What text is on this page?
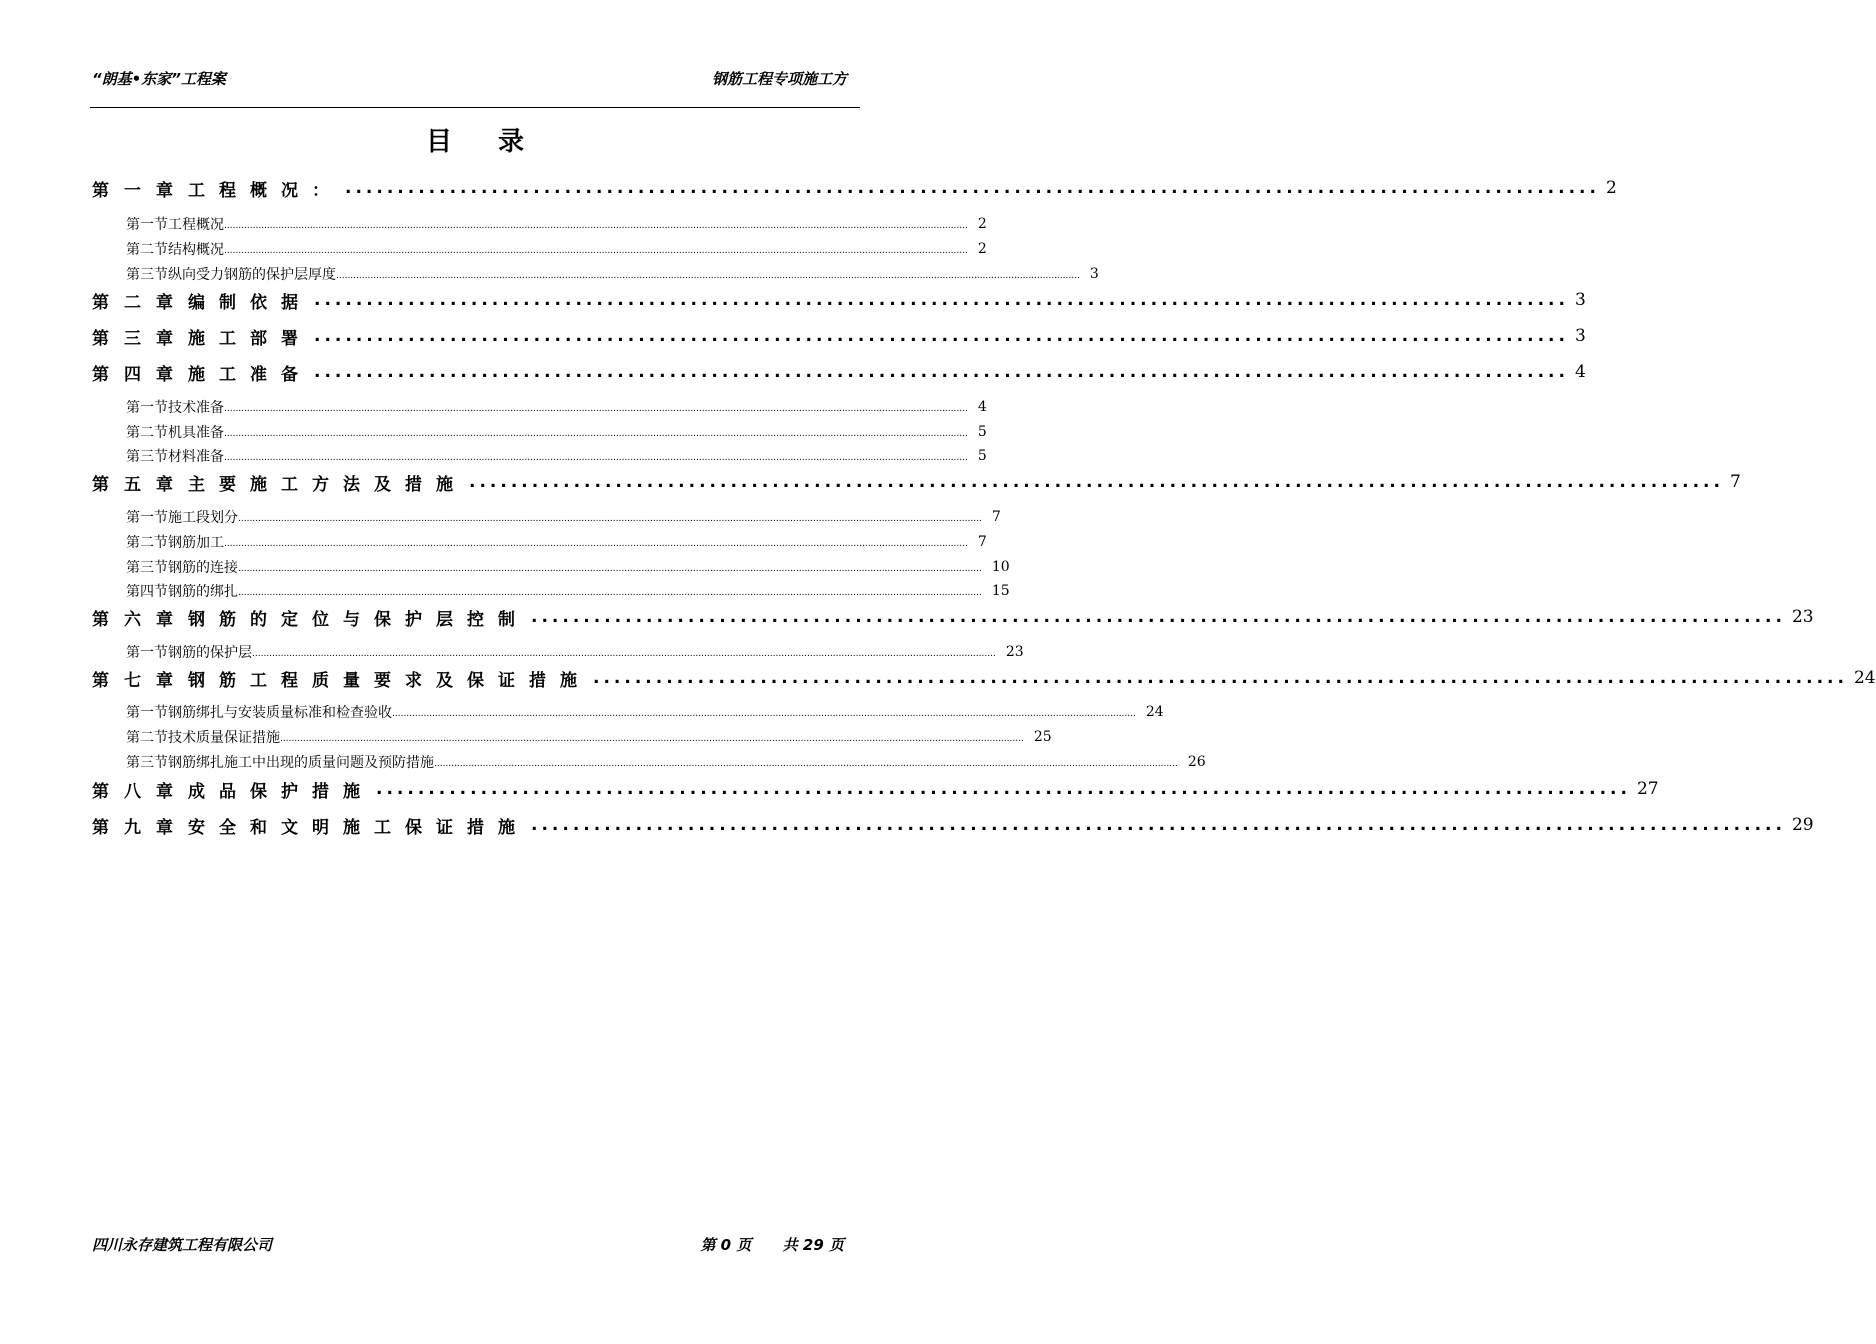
“朗基•东家”工程案	钢筋工程专项施工方
目录
第一章 工程概况： ........................................................................................................................ 2
第一节 工程概况 .................................................................................................................................................................................................................................................................... 2
第二节 结构概况 .................................................................................................................................................................................................................................................................... 2
第三节 纵向受力钢筋的保护层厚度 .................................................................................................................................................................................................................................................................... 3
第二章 编制依据 ........................................................................................................................ 3
第三章 施工部署 ........................................................................................................................ 3
第四章 施工准备 ........................................................................................................................ 4
第一节 技术准备 .................................................................................................................................................................................................................................................................... 4
第二节 机具准备 .................................................................................................................................................................................................................................................................... 5
第三节 材料准备 .................................................................................................................................................................................................................................................................... 5
第五章 主要施工方法及措施 ........................................................................................................................ 7
第一节 施工段划分 .................................................................................................................................................................................................................................................................... 7
第二节 钢筋加工 .................................................................................................................................................................................................................................................................... 7
第三节 钢筋的连接 .................................................................................................................................................................................................................................................................... 10
第四节 钢筋的绑扎 .................................................................................................................................................................................................................................................................... 15
第六章 钢筋的定位与保护层控制 ........................................................................................................................ 23
第一节 钢筋的保护层 .................................................................................................................................................................................................................................................................... 23
第七章 钢筋工程质量要求及保证措施 ........................................................................................................................ 24
第一节 钢筋绑扎与安装质量标准和检查验收 .................................................................................................................................................................................................................................................................... 24
第二节 技术质量保证措施 .................................................................................................................................................................................................................................................................... 25
第三节 钢筋绑扎施工中出现的质量问题及预防措施 .................................................................................................................................................................................................................................................................... 26
第八章 成品保护措施 ........................................................................................................................ 27
第九章 安全和文明施工保证措施 ........................................................................................................................ 29
四川永存建筑工程有限公司	第 0 页 共 29 页
